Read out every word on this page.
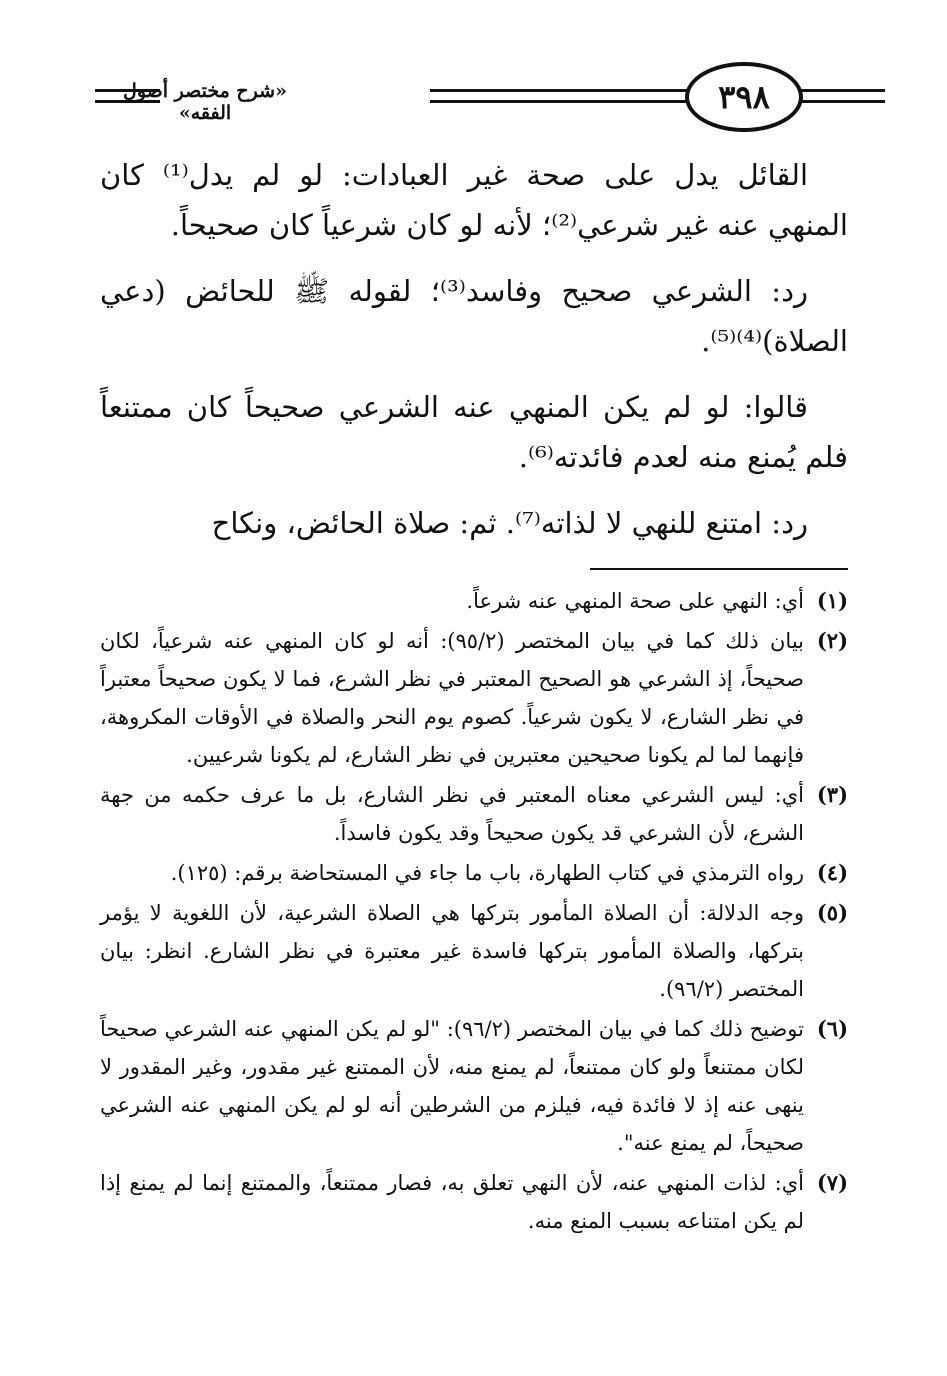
٣٩٨
«شرح مختصر أصول الفقه»

القائل يدل على صحة غير العبادات: لو لم يدل⁽¹⁾ كان المنهي عنه غير شرعي⁽²⁾؛ لأنه لو كان شرعياً كان صحيحاً.

رد: الشرعي صحيح وفاسد⁽³⁾؛ لقوله ﷺ للحائض (دعي الصلاة)⁽⁴⁾⁽⁵⁾.

قالوا: لو لم يكن المنهي عنه الشرعي صحيحاً كان ممتنعاً فلم يُمنع منه لعدم فائدته⁽⁶⁾.

رد: امتنع للنهي لا لذاته⁽⁷⁾. ثم: صلاة الحائض، ونكاح

(١)
أي: النهي على صحة المنهي عنه شرعاً.
(٢)
بيان ذلك كما في بيان المختصر (٩٥/٢): أنه لو كان المنهي عنه شرعياً، لكان صحيحاً، إذ الشرعي هو الصحيح المعتبر في نظر الشرع، فما لا يكون صحيحاً معتبراً في نظر الشارع، لا يكون شرعياً. كصوم يوم النحر والصلاة في الأوقات المكروهة، فإنهما لما لم يكونا صحيحين معتبرين في نظر الشارع، لم يكونا شرعيين.
(٣)
أي: ليس الشرعي معناه المعتبر في نظر الشارع، بل ما عرف حكمه من جهة الشرع، لأن الشرعي قد يكون صحيحاً وقد يكون فاسداً.
(٤)
رواه الترمذي في كتاب الطهارة، باب ما جاء في المستحاضة برقم: (١٢٥).
(٥)
وجه الدلالة: أن الصلاة المأمور بتركها هي الصلاة الشرعية، لأن اللغوية لا يؤمر بتركها، والصلاة المأمور بتركها فاسدة غير معتبرة في نظر الشارع. انظر: بيان المختصر (٩٦/٢).
(٦)
توضيح ذلك كما في بيان المختصر (٩٦/٢): "لو لم يكن المنهي عنه الشرعي صحيحاً لكان ممتنعاً ولو كان ممتنعاً، لم يمنع منه، لأن الممتنع غير مقدور، وغير المقدور لا ينهى عنه إذ لا فائدة فيه، فيلزم من الشرطين أنه لو لم يكن المنهي عنه الشرعي صحيحاً، لم يمنع عنه".
(٧)
أي: لذات المنهي عنه، لأن النهي تعلق به، فصار ممتنعاً، والممتنع إنما لم يمنع إذا لم يكن امتناعه بسبب المنع منه.
